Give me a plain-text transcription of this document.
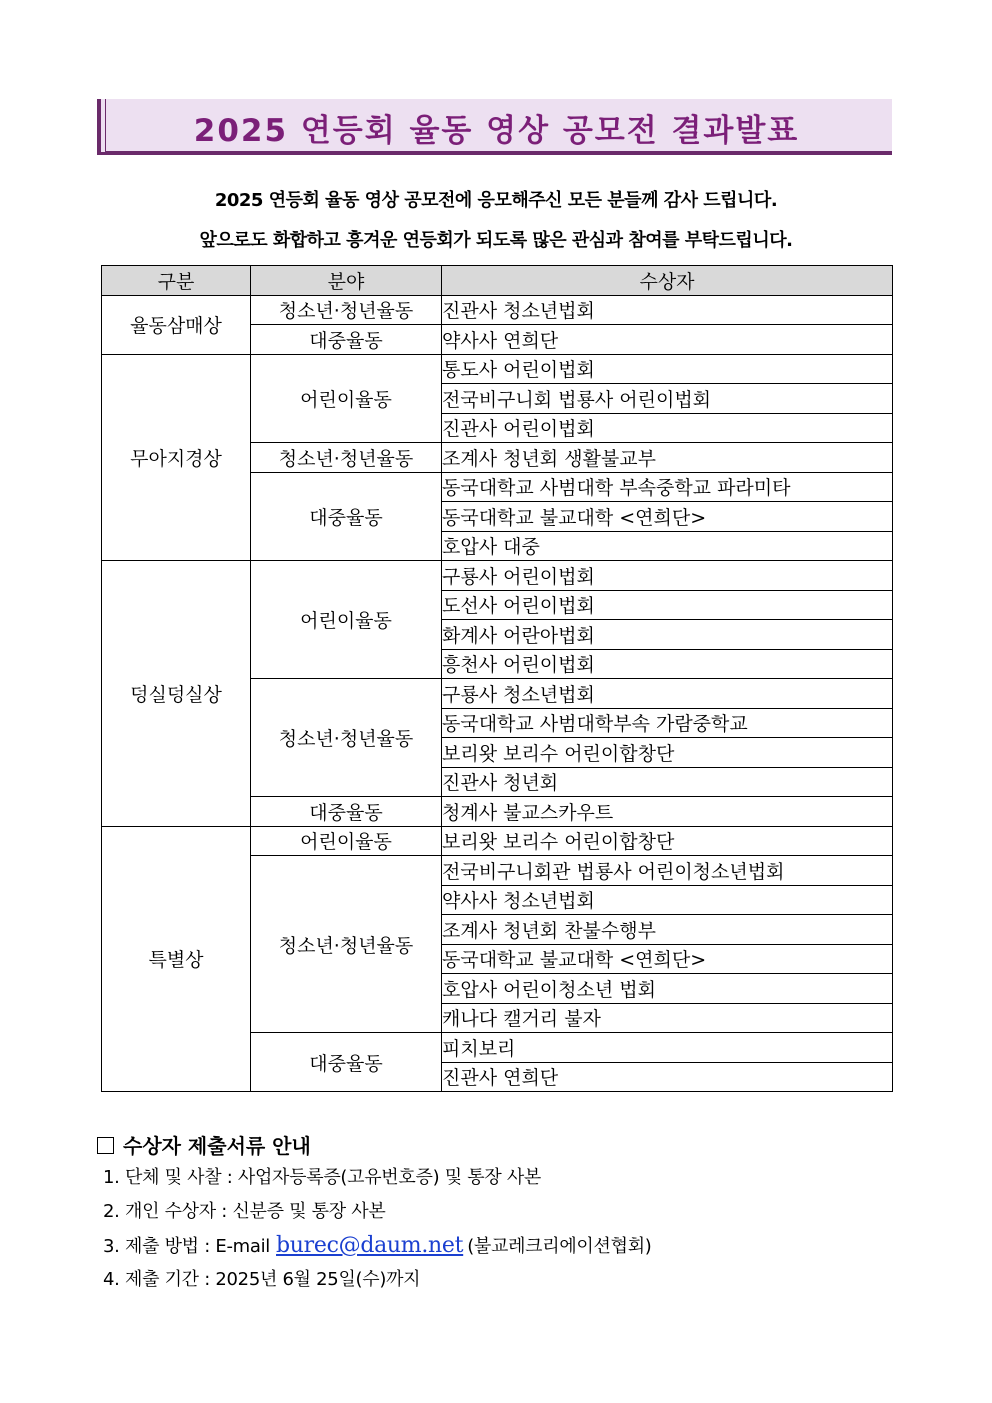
2025 연등회 율동 영상 공모전 결과발표
2025 연등회 율동 영상 공모전에 응모해주신 모든 분들께 감사 드립니다.
앞으로도 화합하고 흥겨운 연등회가 되도록 많은 관심과 참여를 부탁드립니다.
구분	분야	수상자
율동삼매상	청소년·청년율동	진관사 청소년법회
	대중율동	약사사 연희단
무아지경상	어린이율동	통도사 어린이법회
		전국비구니회 법룡사 어린이법회
		진관사 어린이법회
	청소년·청년율동	조계사 청년회 생활불교부
	대중율동	동국대학교 사범대학 부속중학교 파라미타
		동국대학교 불교대학 <연희단>
		호압사 대중
덩실덩실상	어린이율동	구룡사 어린이법회
		도선사 어린이법회
		화계사 어란아법회
		흥천사 어린이법회
	청소년·청년율동	구룡사 청소년법회
		동국대학교 사범대학부속 가람중학교
		보리왓 보리수 어린이합창단
		진관사 청년회
	대중율동	청계사 불교스카우트
특별상	어린이율동	보리왓 보리수 어린이합창단
	청소년·청년율동	전국비구니회관 법룡사 어린이청소년법회
		약사사 청소년법회
		조계사 청년회 찬불수행부
		동국대학교 불교대학 <연희단>
		호압사 어린이청소년 법회
		캐나다 캘거리 불자
	대중율동	피치보리
		진관사 연희단
수상자 제출서류 안내
1. 단체 및 사찰 : 사업자등록증(고유번호증) 및 통장 사본
2. 개인 수상자 : 신분증 및 통장 사본
3. 제출 방법 : E-mail burec@daum.net (불교레크리에이션협회)
4. 제출 기간 : 2025년 6월 25일(수)까지
